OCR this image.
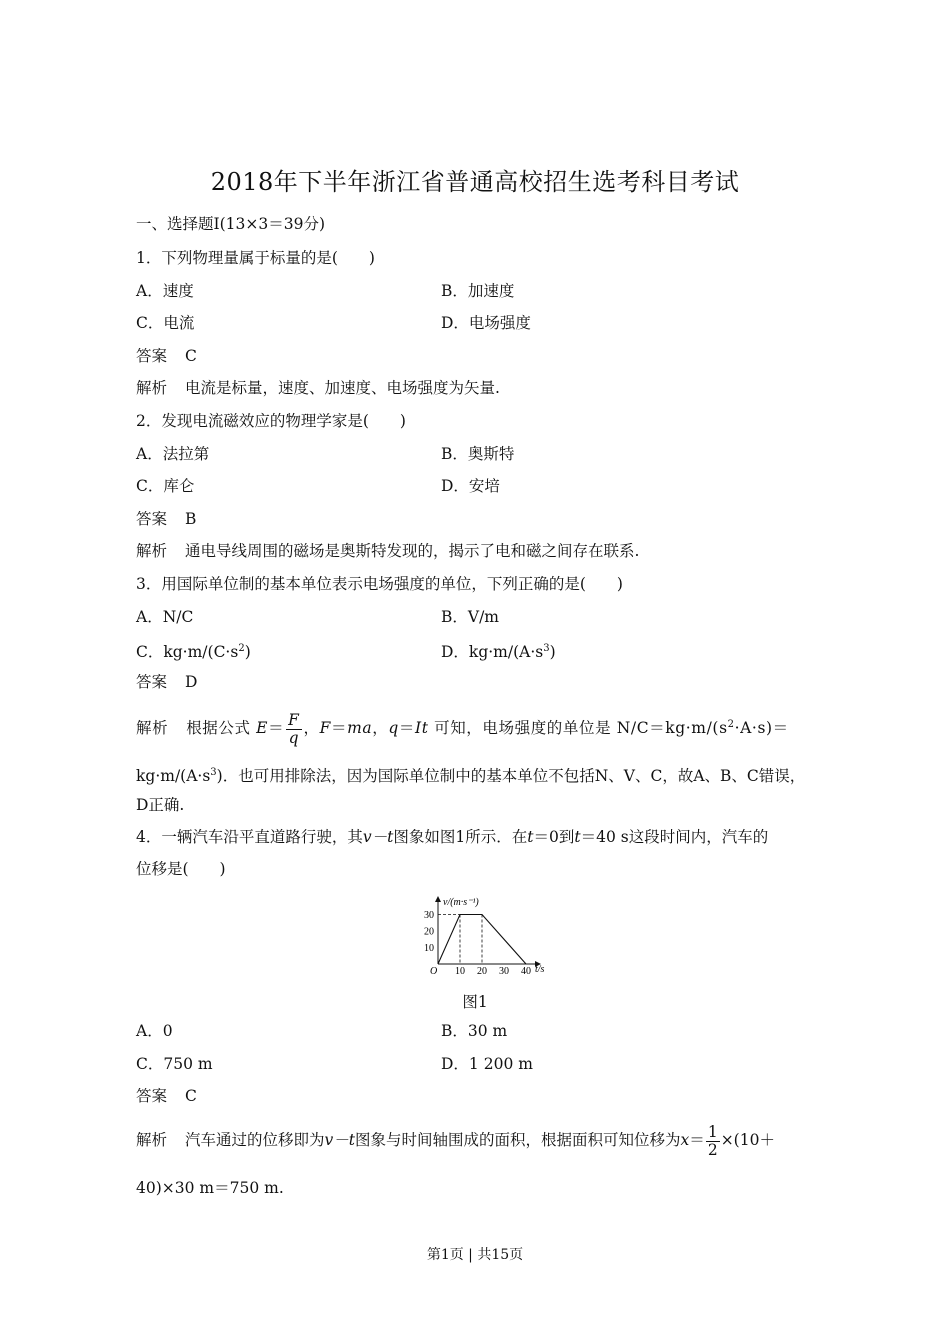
2018年下半年浙江省普通高校招生选考科目考试
一、选择题Ⅰ(13×3＝39分)
1．下列物理量属于标量的是(　　)
A．速度	B．加速度
C．电流	D．电场强度
答案 C
解析 电流是标量，速度、加速度、电场强度为矢量.
2．发现电流磁效应的物理学家是(　　)
A．法拉第	B．奥斯特
C．库仑	D．安培
答案 B
解析 通电导线周围的磁场是奥斯特发现的，揭示了电和磁之间存在联系.
3．用国际单位制的基本单位表示电场强度的单位，下列正确的是(　　)
A．N/C	B．V/m
C．$kg\cdot m/(C\cdot s^2)$	D．$kg\cdot m/(A\cdot s^3)$
答案 D
解析 根据公式 $E= \frac{F}{q}$ ，F＝ma，q＝It 可知，电场强度的单位是 $N/C=kg\cdot m/(s^2\cdot A\cdot s)=$
$kg\cdot m/(A\cdot s^3)$．也可用排除法，因为国际单位制中的基本单位不包括N、V、C，故A、B、C错误，
D正确.
4．一辆汽车沿平直道路行驶，其v－t图象如图1所示．在t＝0到t＝40 s这段时间内，汽车的
位移是(　　)
30
20
10
10 20 30 40
v/(m·s⁻¹)
t/s
O
图1
A．0	B．30 m
C．750 m	D．1 200 m
答案 C
解析 汽车通过的位移即为v－t图象与时间轴围成的面积，根据面积可知位移为$x= \frac{1}{2} \times(10+$
40)×30 m＝750 m.
第1页 | 共15页
